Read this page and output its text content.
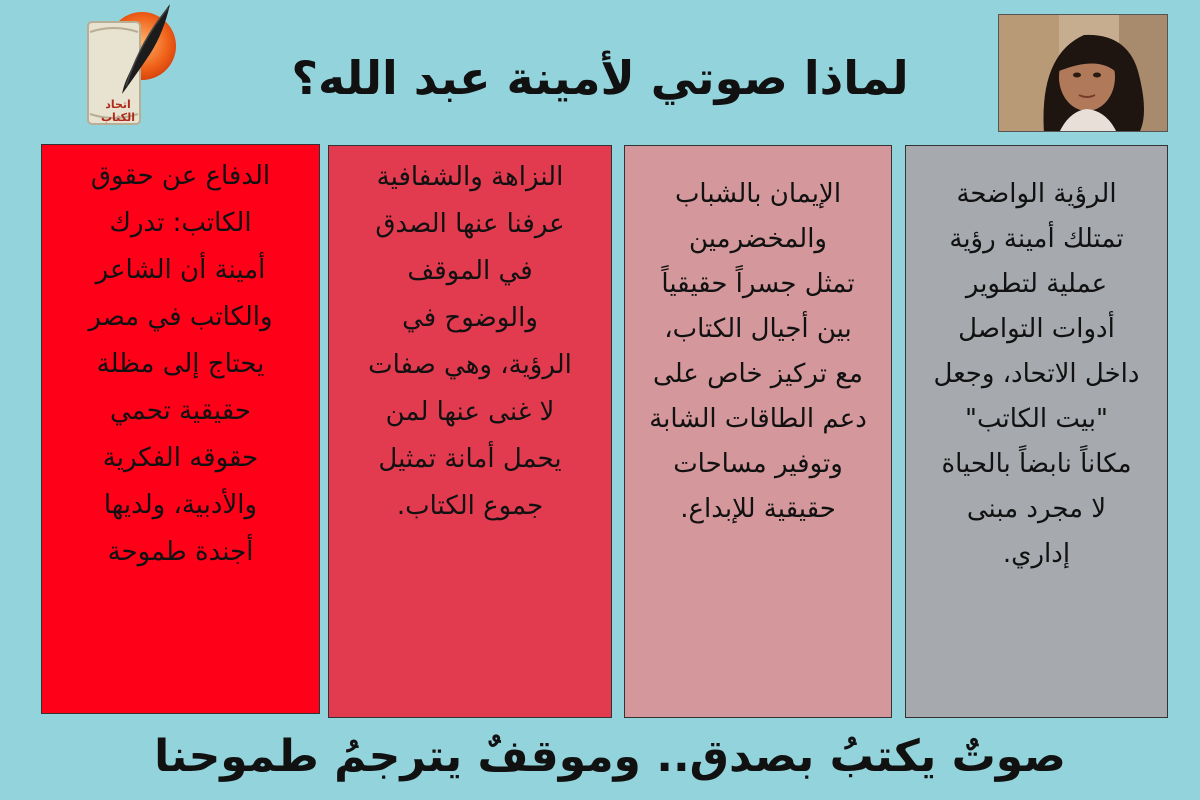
اتحاد الكتاب
لماذا صوتي لأمينة عبد الله؟
الدفاع عن حقوق
الكاتب: تدرك
أمينة أن الشاعر
والكاتب في مصر
يحتاج إلى مظلة
حقيقية تحمي
حقوقه الفكرية
والأدبية، ولديها
أجندة طموحة
النزاهة والشفافية
عرفنا عنها الصدق
في الموقف
والوضوح في
الرؤية، وهي صفات
لا غنى عنها لمن
يحمل أمانة تمثيل
جموع الكتاب.
الإيمان بالشباب
والمخضرمين
تمثل جسراً حقيقياً
بين أجيال الكتاب،
مع تركيز خاص على
دعم الطاقات الشابة
وتوفير مساحات
حقيقية للإبداع.
الرؤية الواضحة
تمتلك أمينة رؤية
عملية لتطوير
أدوات التواصل
داخل الاتحاد، وجعل
"بيت الكاتب"
مكاناً نابضاً بالحياة
لا مجرد مبنى
إداري.
صوتٌ يكتبُ بصدق.. وموقفٌ يترجمُ طموحنا
